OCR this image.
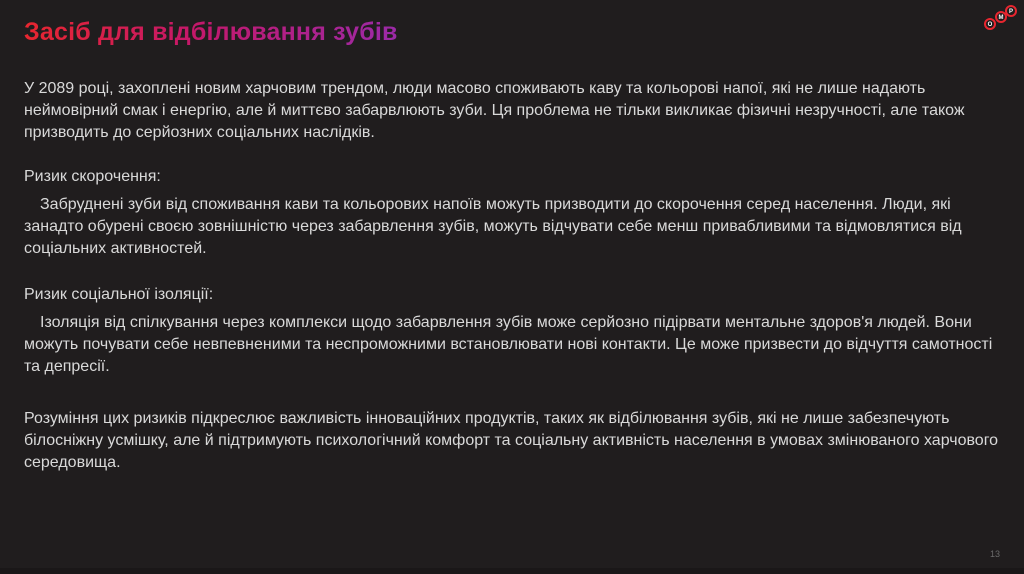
Засіб для відбілювання зубів	О
М
Р

У 2089 році, захоплені новим харчовим трендом, люди масово споживають каву та кольорові напої, які не лише надають неймовірний смак і енергію, але й миттєво забарвлюють зуби. Ця проблема не тільки викликає фізичні незручності, але також призводить до серйозних соціальних наслідків.

Ризик скорочення:

Забруднені зуби від споживання кави та кольорових напоїв можуть призводити до скорочення серед населення. Люди, які занадто обурені своєю зовнішністю через забарвлення зубів, можуть відчувати себе менш привабливими та відмовлятися від соціальних активностей.

Ризик соціальної ізоляції:

Ізоляція від спілкування через комплекси щодо забарвлення зубів може серйозно підірвати ментальне здоров'я людей. Вони можуть почувати себе невпевненими та неспроможними встановлювати нові контакти. Це може призвести до відчуття самотності та депресії.

Розуміння цих ризиків підкреслює важливість інноваційних продуктів, таких як відбілювання зубів, які не лише забезпечують білосніжну усмішку, але й підтримують психологічний комфорт та соціальну активність населення в умовах змінюваного харчового середовища.

13
